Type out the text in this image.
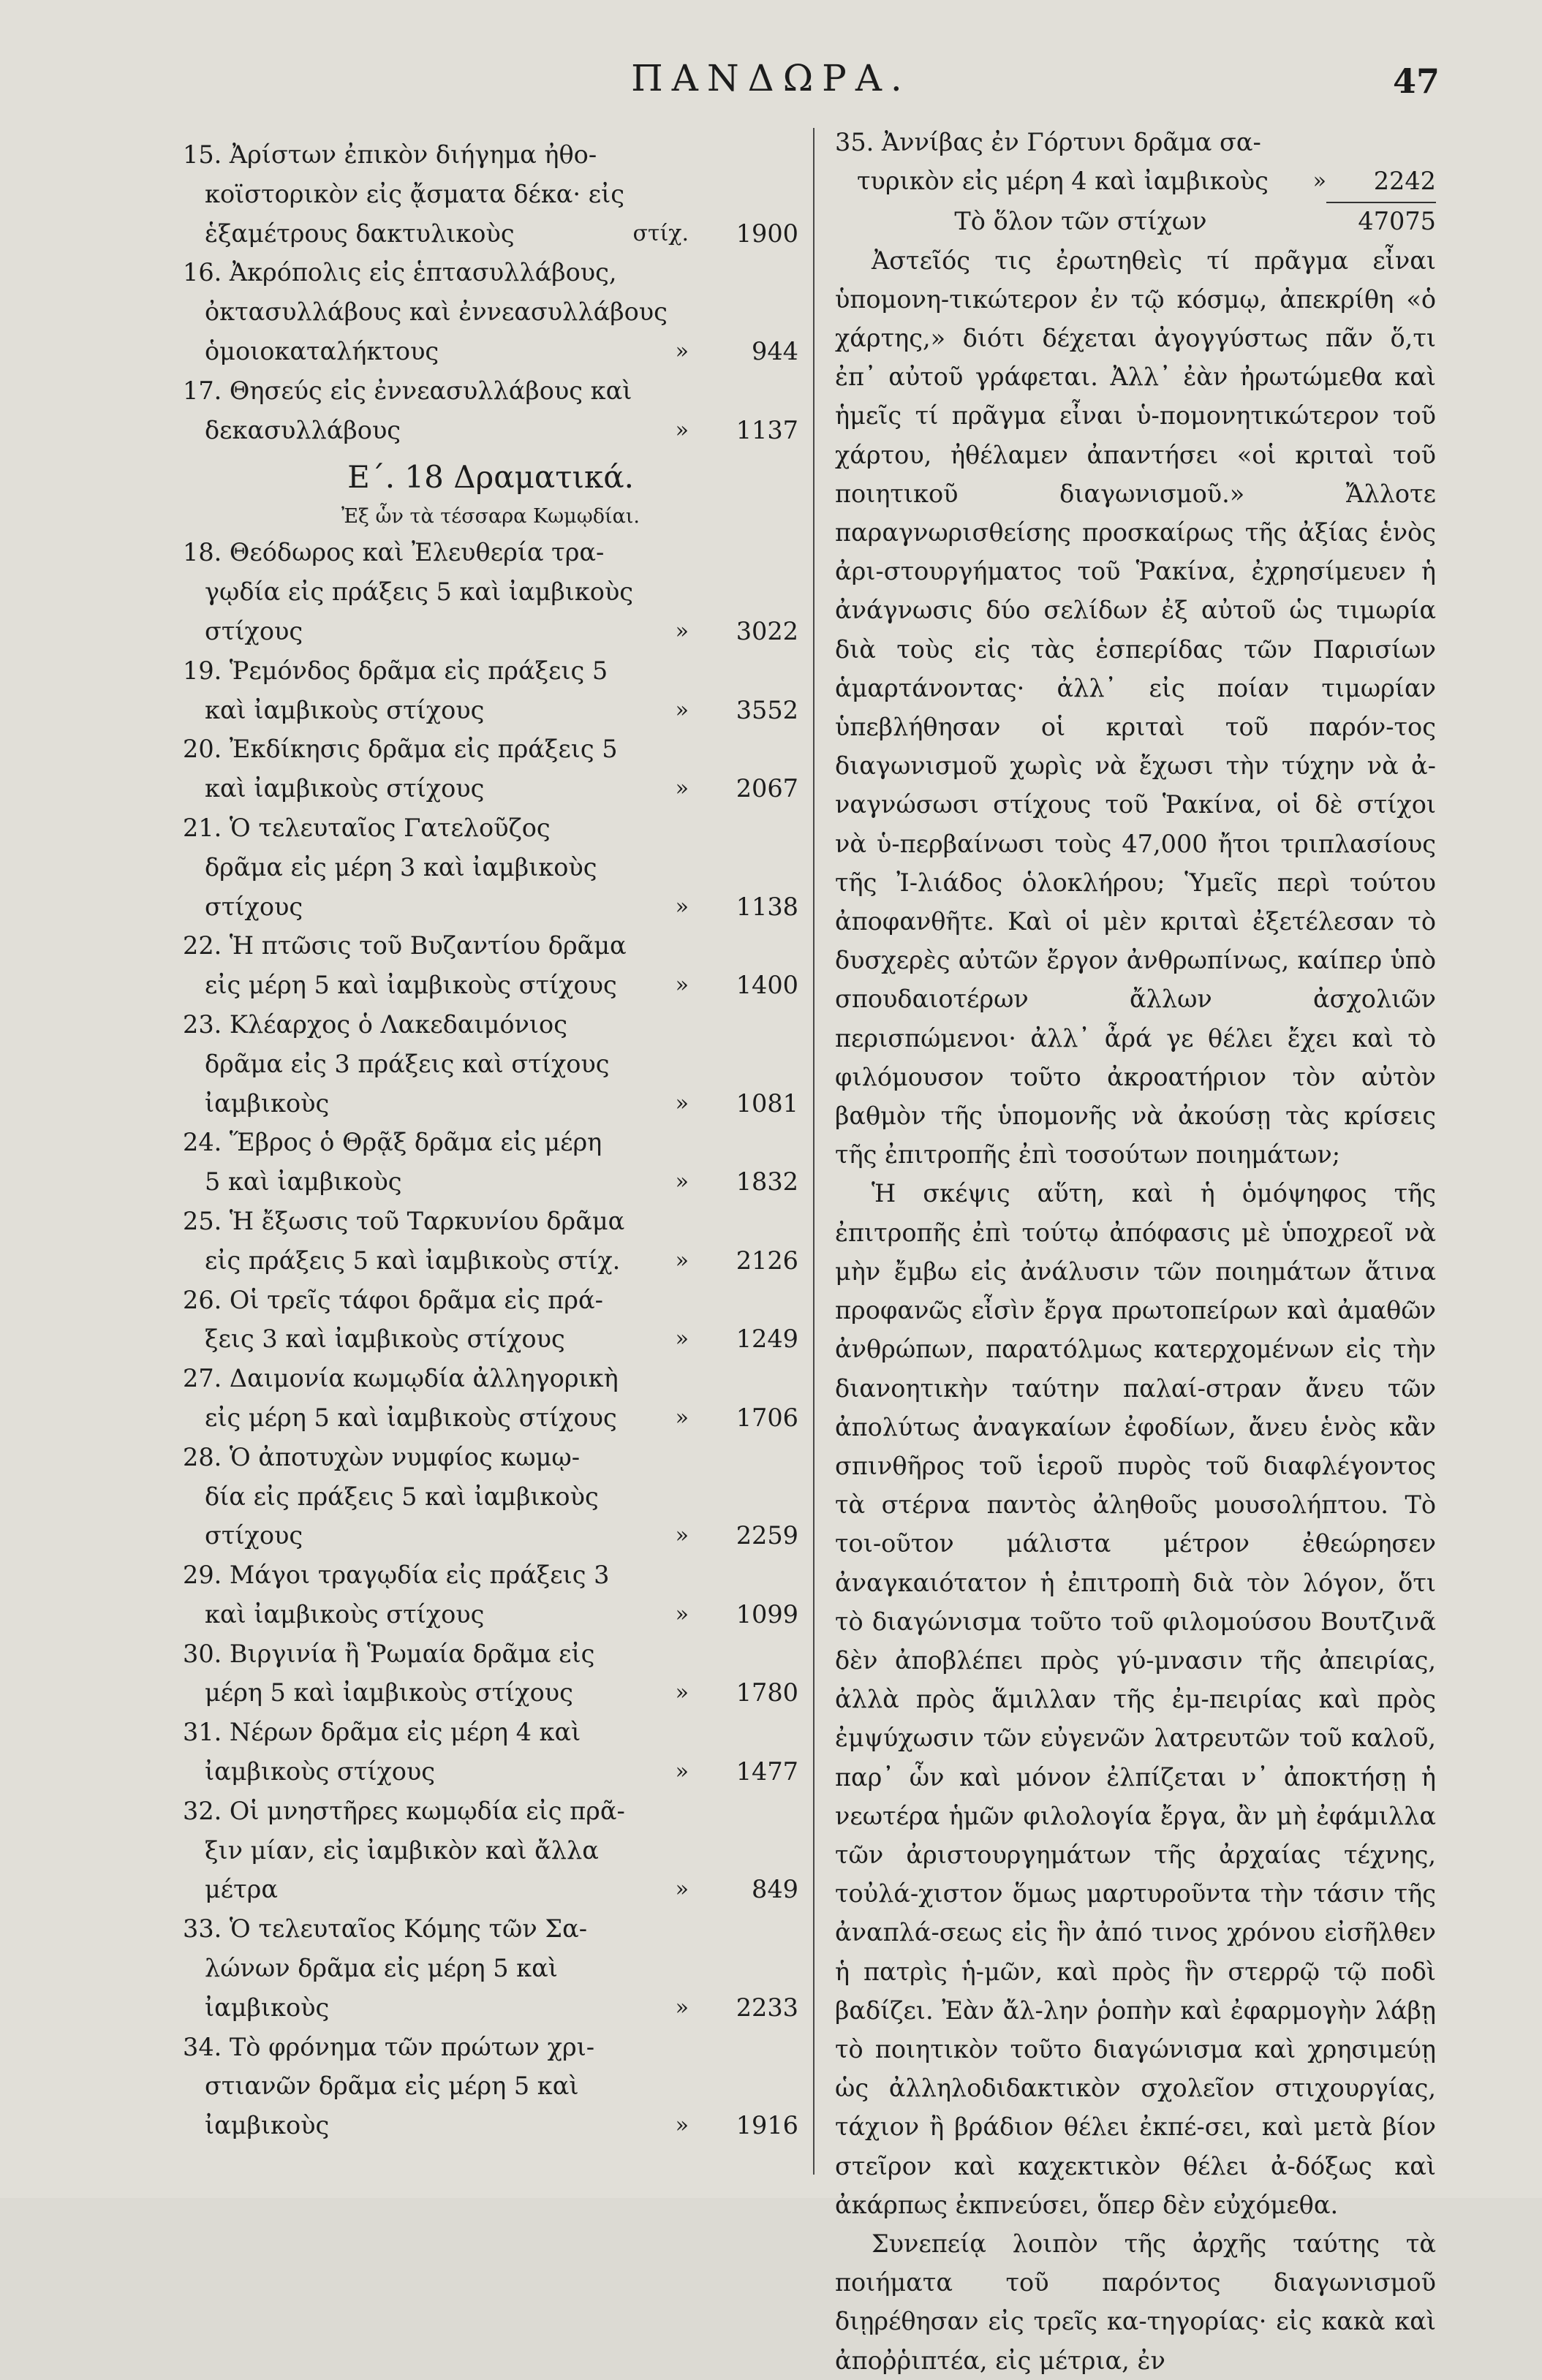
ΠΑΝΔΩΡΑ.	47
15. Ἀρίστων ἐπικὸν διήγημα ἠθο-
κοϊστορικὸν εἰς ᾄσματα δέκα· εἰς
ἑξαμέτρους δακτυλικοὺς	στίχ.	1900
16. Ἀκρόπολις εἰς ἑπτασυλλάβους,
ὀκτασυλλάβους καὶ ἐννεασυλλάβους
ὁμοιοκαταλήκτους	»	944
17. Θησεύς εἰς ἐννεασυλλάβους καὶ
δεκασυλλάβους	»	1137
Ε΄. 18 Δραματικά.
Ἐξ ὧν τὰ τέσσαρα Κωμῳδίαι.
18. Θεόδωρος καὶ Ἐλευθερία τρα-
γῳδία εἰς πράξεις 5 καὶ ἰαμβικοὺς
στίχους	»	3022
19. Ῥεμόνδος δρᾶμα εἰς πράξεις 5
καὶ ἰαμβικοὺς στίχους	»	3552
20. Ἐκδίκησις δρᾶμα εἰς πράξεις 5
καὶ ἰαμβικοὺς στίχους	»	2067
21. Ὁ τελευταῖος Γατελοῦζος
δρᾶμα εἰς μέρη 3 καὶ ἰαμβικοὺς
στίχους	»	1138
22. Ἡ πτῶσις τοῦ Βυζαντίου δρᾶμα
εἰς μέρη 5 καὶ ἰαμβικοὺς στίχους	»	1400
23. Κλέαρχος ὁ Λακεδαιμόνιος
δρᾶμα εἰς 3 πράξεις καὶ στίχους
ἰαμβικοὺς	»	1081
24. Ἕβρος ὁ Θρᾷξ δρᾶμα εἰς μέρη
5 καὶ ἰαμβικοὺς	»	1832
25. Ἡ ἔξωσις τοῦ Ταρκυνίου δρᾶμα
εἰς πράξεις 5 καὶ ἰαμβικοὺς στίχ.	»	2126
26. Οἱ τρεῖς τάφοι δρᾶμα εἰς πρά-
ξεις 3 καὶ ἰαμβικοὺς στίχους	»	1249
27. Δαιμονία κωμῳδία ἀλληγορικὴ
εἰς μέρη 5 καὶ ἰαμβικοὺς στίχους	»	1706
28. Ὁ ἀποτυχὼν νυμφίος κωμῳ-
δία εἰς πράξεις 5 καὶ ἰαμβικοὺς
στίχους	»	2259
29. Μάγοι τραγῳδία εἰς πράξεις 3
καὶ ἰαμβικοὺς στίχους	»	1099
30. Βιργινία ἢ Ῥωμαία δρᾶμα εἰς
μέρη 5 καὶ ἰαμβικοὺς στίχους	»	1780
31. Νέρων δρᾶμα εἰς μέρη 4 καὶ
ἰαμβικοὺς στίχους	»	1477
32. Οἱ μνηστῆρες κωμῳδία εἰς πρᾶ-
ξιν μίαν, εἰς ἰαμβικὸν καὶ ἄλλα
μέτρα	»	849
33. Ὁ τελευταῖος Κόμης τῶν Σα-
λώνων δρᾶμα εἰς μέρη 5 καὶ
ἰαμβικοὺς	»	2233
34. Τὸ φρόνημα τῶν πρώτων χρι-
στιανῶν δρᾶμα εἰς μέρη 5 καὶ
ἰαμβικοὺς	»	1916
35. Ἀννίβας ἐν Γόρτυνι δρᾶμα σα-
τυρικὸν εἰς μέρη 4 καὶ ἰαμβικοὺς	»	2242
Τὸ ὅλον τῶν στίχων	47075

Ἀστεῖός τις ἐρωτηθεὶς τί πρᾶγμα εἶναι ὑπομονη-τικώτερον ἐν τῷ κόσμῳ, ἀπεκρίθη «ὁ χάρτης,» διότι δέχεται ἀγογγύστως πᾶν ὅ,τι ἐπ᾽ αὐτοῦ γράφεται. Ἀλλ᾽ ἐὰν ἠρωτώμεθα καὶ ἡμεῖς τί πρᾶγμα εἶναι ὑ-πομονητικώτερον τοῦ χάρτου, ἠθέλαμεν ἀπαντήσει «οἱ κριταὶ τοῦ ποιητικοῦ διαγωνισμοῦ.» Ἄλλοτε παραγνωρισθείσης προσκαίρως τῆς ἀξίας ἑνὸς ἀρι-στουργήματος τοῦ Ῥακίνα, ἐχρησίμευεν ἡ ἀνάγνωσις δύο σελίδων ἐξ αὐτοῦ ὡς τιμωρία διὰ τοὺς εἰς τὰς ἑσπερίδας τῶν Παρισίων ἁμαρτάνοντας· ἀλλ᾽ εἰς ποίαν τιμωρίαν ὑπεβλήθησαν οἱ κριταὶ τοῦ παρόν-τος διαγωνισμοῦ χωρὶς νὰ ἔχωσι τὴν τύχην νὰ ἀ-ναγνώσωσι στίχους τοῦ Ῥακίνα, οἱ δὲ στίχοι νὰ ὑ-περβαίνωσι τοὺς 47,000 ἤτοι τριπλασίους τῆς Ἰ-λιάδος ὁλοκλήρου; Ὑμεῖς περὶ τούτου ἀποφανθῆτε. Καὶ οἱ μὲν κριταὶ ἐξετέλεσαν τὸ δυσχερὲς αὐτῶν ἔργον ἀνθρωπίνως, καίπερ ὑπὸ σπουδαιοτέρων ἄλλων ἀσχολιῶν περισπώμενοι· ἀλλ᾽ ἆρά γε θέλει ἔχει καὶ τὸ φιλόμουσον τοῦτο ἀκροατήριον τὸν αὐτὸν βαθμὸν τῆς ὑπομονῆς νὰ ἀκούσῃ τὰς κρίσεις τῆς ἐπιτροπῆς ἐπὶ τοσούτων ποιημάτων;

Ἡ σκέψις αὕτη, καὶ ἡ ὁμόψηφος τῆς ἐπιτροπῆς ἐπὶ τούτῳ ἀπόφασις μὲ ὑποχρεοῖ νὰ μὴν ἔμβω εἰς ἀνάλυσιν τῶν ποιημάτων ἅτινα προφανῶς εἶσὶν ἔργα πρωτοπείρων καὶ ἀμαθῶν ἀνθρώπων, παρατόλμως κατερχομένων εἰς τὴν διανοητικὴν ταύτην παλαί-στραν ἄνευ τῶν ἀπολύτως ἀναγκαίων ἐφοδίων, ἄνευ ἑνὸς κἂν σπινθῆρος τοῦ ἱεροῦ πυρὸς τοῦ διαφλέγοντος τὰ στέρνα παντὸς ἀληθοῦς μουσολήπτου. Τὸ τοι-οῦτον μάλιστα μέτρον ἐθεώρησεν ἀναγκαιότατον ἡ ἐπιτροπὴ διὰ τὸν λόγον, ὅτι τὸ διαγώνισμα τοῦτο τοῦ φιλομούσου Βουτζινᾶ δὲν ἀποβλέπει πρὸς γύ-μνασιν τῆς ἀπειρίας, ἀλλὰ πρὸς ἅμιλλαν τῆς ἐμ-πειρίας καὶ πρὸς ἐμψύχωσιν τῶν εὐγενῶν λατρευτῶν τοῦ καλοῦ, παρ᾽ ὧν καὶ μόνον ἐλπίζεται ν᾽ ἀποκτήσῃ ἡ νεωτέρα ἡμῶν φιλολογία ἔργα, ἂν μὴ ἐφάμιλλα τῶν ἀριστουργημάτων τῆς ἀρχαίας τέχνης, τοὐλά-χιστον ὅμως μαρτυροῦντα τὴν τάσιν τῆς ἀναπλά-σεως εἰς ἣν ἀπό τινος χρόνου εἰσῆλθεν ἡ πατρὶς ἡ-μῶν, καὶ πρὸς ἣν στερρῷ τῷ ποδὶ βαδίζει. Ἐὰν ἄλ-λην ῥοπὴν καὶ ἐφαρμογὴν λάβῃ τὸ ποιητικὸν τοῦτο διαγώνισμα καὶ χρησιμεύῃ ὡς ἀλληλοδιδακτικὸν σχολεῖον στιχουργίας, τάχιον ἢ βράδιον θέλει ἐκπέ-σει, καὶ μετὰ βίον στεῖρον καὶ καχεκτικὸν θέλει ἀ-δόξως καὶ ἀκάρπως ἐκπνεύσει, ὅπερ δὲν εὐχόμεθα.

Συνεπείᾳ λοιπὸν τῆς ἀρχῆς ταύτης τὰ ποιήματα τοῦ παρόντος διαγωνισμοῦ διῃρέθησαν εἰς τρεῖς κα-τηγορίας· εἰς κακὰ καὶ ἀποῤῥιπτέα, εἰς μέτρια, ἐν
